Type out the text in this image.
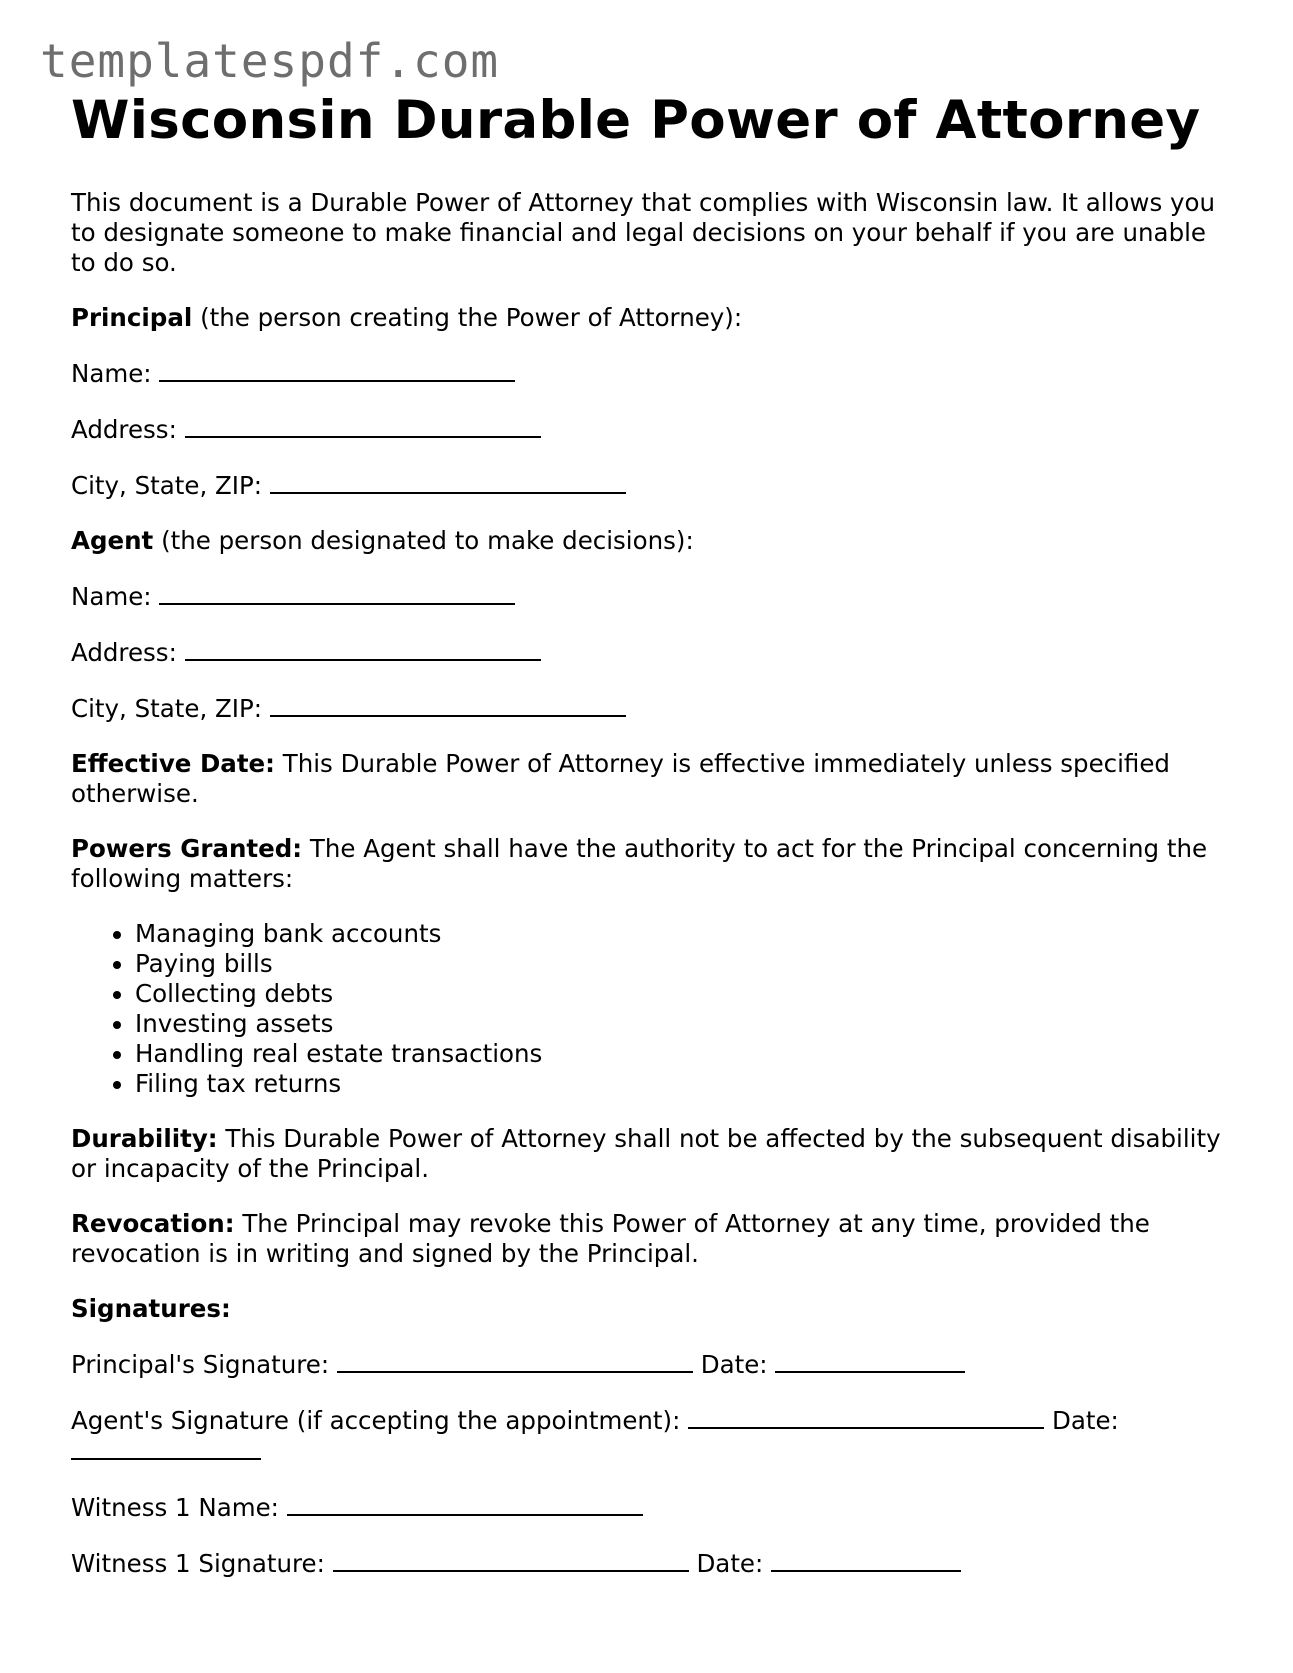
templatespdf.com
Wisconsin Durable Power of Attorney

This document is a Durable Power of Attorney that complies with Wisconsin law. It allows you to designate someone to make financial and legal decisions on your behalf if you are unable to do so.

Principal (the person creating the Power of Attorney):

Name:
Address:
City, State, ZIP:

Agent (the person designated to make decisions):

Name:
Address:
City, State, ZIP:

Effective Date: This Durable Power of Attorney is effective immediately unless specified otherwise.

Powers Granted: The Agent shall have the authority to act for the Principal concerning the following matters:

• Managing bank accounts
• Paying bills
• Collecting debts
• Investing assets
• Handling real estate transactions
• Filing tax returns

Durability: This Durable Power of Attorney shall not be affected by the subsequent disability or incapacity of the Principal.

Revocation: The Principal may revoke this Power of Attorney at any time, provided the revocation is in writing and signed by the Principal.

Signatures:

Principal's Signature:	Date:
Agent's Signature (if accepting the appointment):	Date:
Witness 1 Name:
Witness 1 Signature:	Date:
